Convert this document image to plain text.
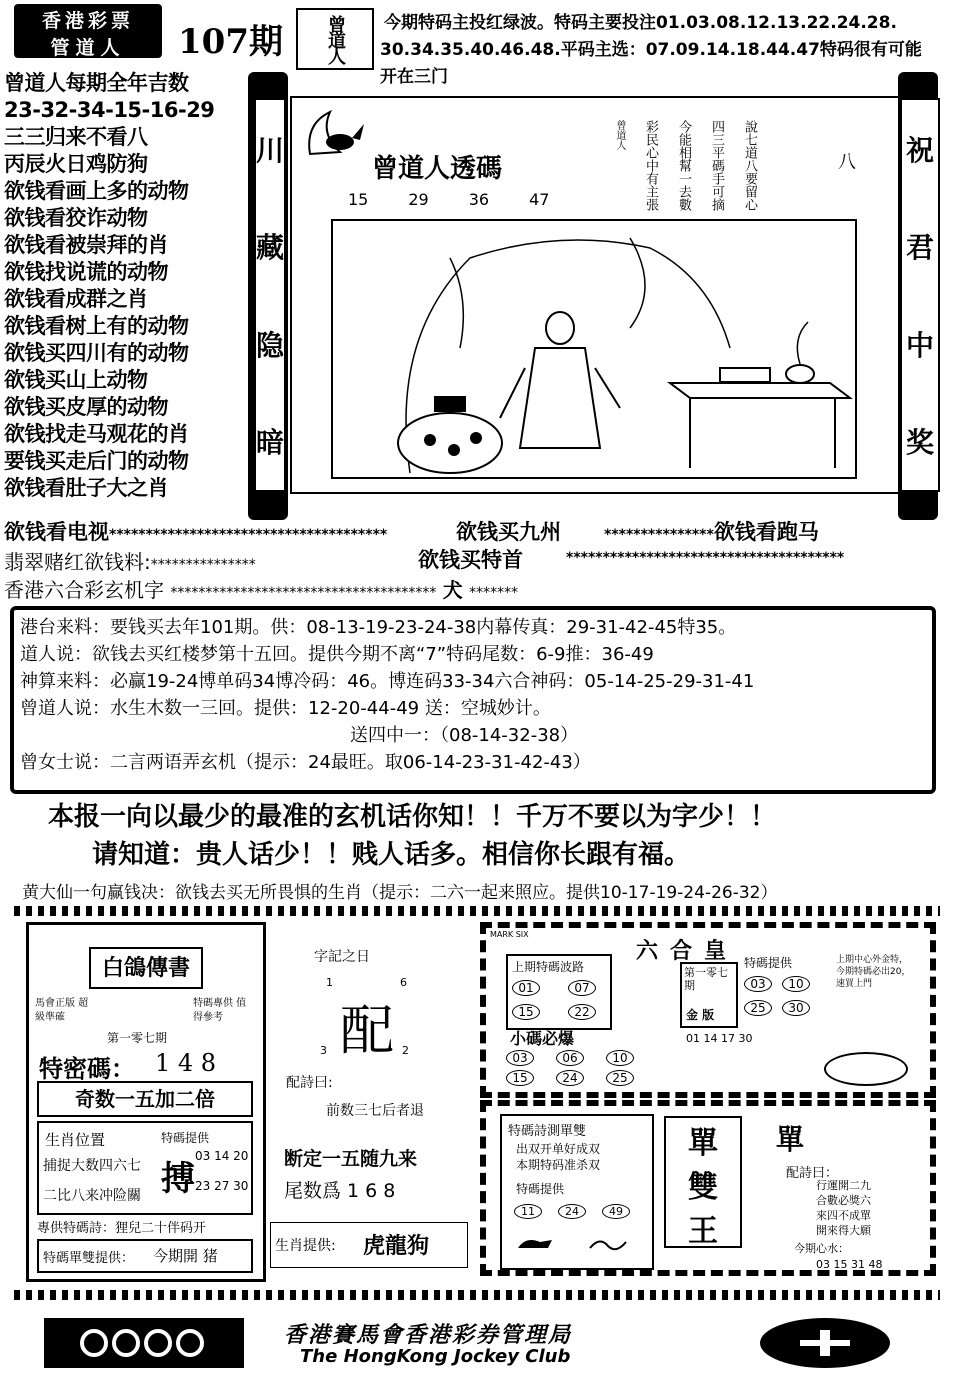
香港彩票
管道人	107期 曾道人 今期特码主投红绿波。特码主要投注01.03.08.12.13.22.24.28.
30.34.35.40.46.48.平码主选：07.09.14.18.44.47特码很有可能
开在三门
曾道人每期全年吉数
23-32-34-15-16-29
三三归来不看八
丙辰火日鸡防狗
欲钱看画上多的动物
欲钱看狡诈动物
欲钱看被崇拜的肖
欲钱找说谎的动物
欲钱看成群之肖
欲钱看树上有的动物
欲钱买四川有的动物
欲钱买山上动物
欲钱买皮厚的动物
欲钱找走马观花的肖
要钱买走后门的动物
欲钱看肚子大之肖
川
藏
隐
暗
祝
君
中
奖
曾道人透碼
15	29	36	47	說七道八要留心
四三平碼手可摘
今能相幫一去數
彩民心中有主張
曾道人
八
欲钱看电视**************************************	欲钱买九州	***************欲钱看跑马
翡翠赌红欲钱料:***************	欲钱买特首	**************************************
香港六合彩玄机字 ************************************** 犬 *******
港台来料：要钱买去年101期。供：08-13-19-23-24-38内幕传真：29-31-42-45特35。
道人说：欲钱去买红楼梦第十五回。提供今期不离“7”特码尾数：6-9推：36-49
神算来料：必赢19-24博单码34博冷码：46。博连码33-34六合神码：05-14-25-29-31-41
曾道人说：水生木数一三回。提供：12-20-44-49 送：空城妙计。
送四中一：（08-14-32-38）
曾女士说：二言两语弄玄机（提示：24最旺。取06-14-23-31-42-43）
本报一向以最少的最准的玄机话你知！！千万不要以为字少！！
请知道：贵人话少！！贱人话多。相信你长跟有福。
黄大仙一句赢钱决：欲钱去买无所畏惧的生肖（提示：二六一起来照应。提供10-17-19-24-26-32）
白鴿傳書
馬會正版 超級準確
特碼專供 值得參考
第一零七期
特密碼： 1 4 8
奇数一五加二倍
生肖位置
捕捉大数四六七
二比八来冲险關
特碼提供
搏
03 14 20
23 27 30
專供特碼詩：狸兒二十伴码开
特碼單雙提供： 今期開 猪
字記之日
1	6
配
3	2
配詩曰:
前数三七后者退
断定一五随九来
尾数爲 1 6 8
生肖提供: 虎龍狗
MARK SIX
六合皇
上期特碼波路
01	07
15	22
第一零七期
金 版
特碼提供
03	10
25	30
上期中心外金特，今期特碼必出20，速買上門
01 14 17 30
小碼必爆
03	06	10
15	24	25
特碼詩測單雙
出双开单好成双
本期特码准杀双
特碼提供
11	24	49
單
雙
王
單
配詩曰：
行運開二九
合數必獎六
來四不成單
開來得大願
今期心水：
03 15 31 48
香港賽馬會香港彩券管理局
The HongKong Jockey Club
